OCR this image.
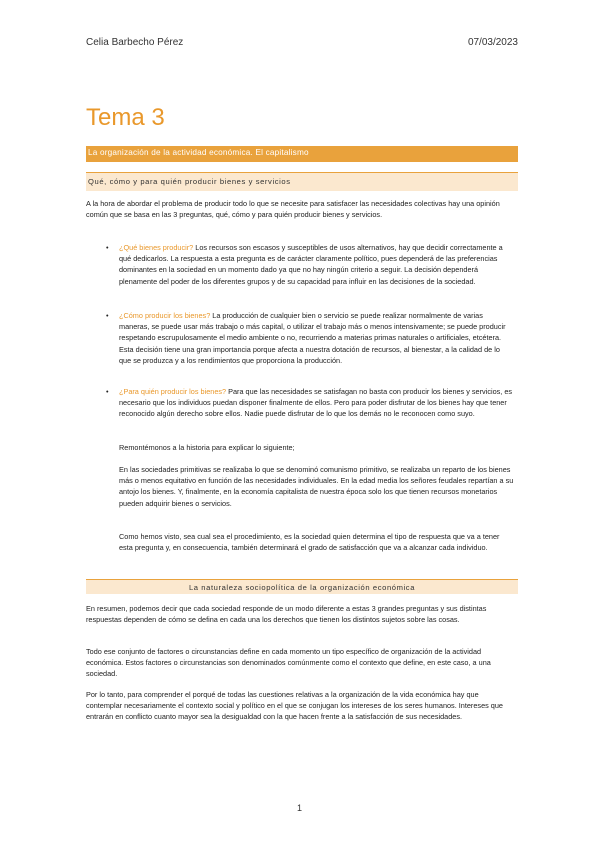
Celia Barbecho Pérez	07/03/2023
Tema 3
La organización de la actividad económica. El capitalismo
Qué, cómo y para quién producir bienes y servicios
A la hora de abordar el problema de producir todo lo que se necesite para satisfacer las necesidades colectivas hay una opinión común que se basa en las 3 preguntas, qué, cómo y para quién producir bienes y servicios.
• ¿Qué bienes producir? Los recursos son escasos y susceptibles de usos alternativos, hay que decidir correctamente a qué dedicarlos. La respuesta a esta pregunta es de carácter claramente político, pues dependerá de las preferencias dominantes en la sociedad en un momento dado ya que no hay ningún criterio a seguir. La decisión dependerá plenamente del poder de los diferentes grupos y de su capacidad para influir en las decisiones de la sociedad.
• ¿Cómo producir los bienes? La producción de cualquier bien o servicio se puede realizar normalmente de varias maneras, se puede usar más trabajo o más capital, o utilizar el trabajo más o menos intensivamente; se puede producir respetando escrupulosamente el medio ambiente o no, recurriendo a materias primas naturales o artificiales, etcétera. Esta decisión tiene una gran importancia porque afecta a nuestra dotación de recursos, al bienestar, a la calidad de lo que se produzca y a los rendimientos que proporciona la producción.
• ¿Para quién producir los bienes? Para que las necesidades se satisfagan no basta con producir los bienes y servicios, es necesario que los individuos puedan disponer finalmente de ellos. Pero para poder disfrutar de los bienes hay que tener reconocido algún derecho sobre ellos. Nadie puede disfrutar de lo que los demás no le reconocen como suyo.
Remontémonos a la historia para explicar lo siguiente;
En las sociedades primitivas se realizaba lo que se denominó comunismo primitivo, se realizaba un reparto de los bienes más o menos equitativo en función de las necesidades individuales. En la edad media los señores feudales repartían a su antojo los bienes. Y, finalmente, en la economía capitalista de nuestra época solo los que tienen recursos monetarios pueden adquirir bienes o servicios.
Como hemos visto, sea cual sea el procedimiento, es la sociedad quien determina el tipo de respuesta que va a tener esta pregunta y, en consecuencia, también determinará el grado de satisfacción que va a alcanzar cada individuo.
La naturaleza sociopolítica de la organización económica
En resumen, podemos decir que cada sociedad responde de un modo diferente a estas 3 grandes preguntas y sus distintas respuestas dependen de cómo se defina en cada una los derechos que tienen los distintos sujetos sobre las cosas.
Todo ese conjunto de factores o circunstancias define en cada momento un tipo específico de organización de la actividad económica. Estos factores o circunstancias son denominados comúnmente como el contexto que define, en este caso, a una sociedad.
Por lo tanto, para comprender el porqué de todas las cuestiones relativas a la organización de la vida económica hay que contemplar necesariamente el contexto social y político en el que se conjugan los intereses de los seres humanos. Intereses que entrarán en conflicto cuanto mayor sea la desigualdad con la que hacen frente a la satisfacción de sus necesidades.
1
